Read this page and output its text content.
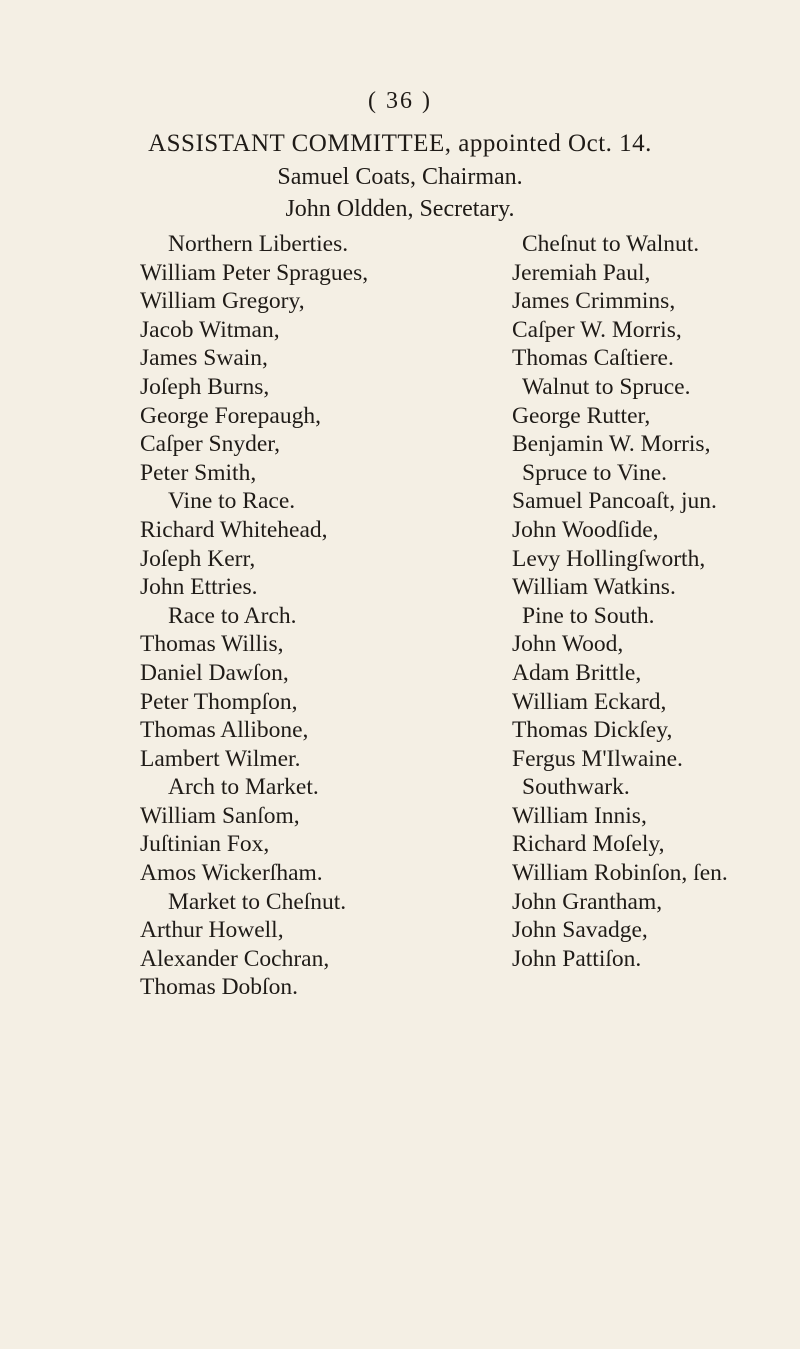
( 36 )
ASSISTANT COMMITTEE, appointed Oct. 14.
Samuel Coats, Chairman.
John Oldden, Secretary.
Northern Liberties.
William Peter Spragues,
William Gregory,
Jacob Witman,
James Swain,
Joſeph Burns,
George Forepaugh,
Caſper Snyder,
Peter Smith,
Vine to Race.
Richard Whitehead,
Joſeph Kerr,
John Ettries.
Race to Arch.
Thomas Willis,
Daniel Dawſon,
Peter Thompſon,
Thomas Allibone,
Lambert Wilmer.
Arch to Market.
William Sanſom,
Juſtinian Fox,
Amos Wickerſham.
Market to Cheſnut.
Arthur Howell,
Alexander Cochran,
Thomas Dobſon.
Cheſnut to Walnut.
Jeremiah Paul,
James Crimmins,
Caſper W. Morris,
Thomas Caſtiere.
Walnut to Spruce.
George Rutter,
Benjamin W. Morris,
Spruce to Vine.
Samuel Pancoaſt, jun.
John Woodſide,
Levy Hollingſworth,
William Watkins.
Pine to South.
John Wood,
Adam Brittle,
William Eckard,
Thomas Dickſey,
Fergus M'Ilwaine.
Southwark.
William Innis,
Richard Moſely,
William Robinſon, ſen.
John Grantham,
John Savadge,
John Pattiſon.
